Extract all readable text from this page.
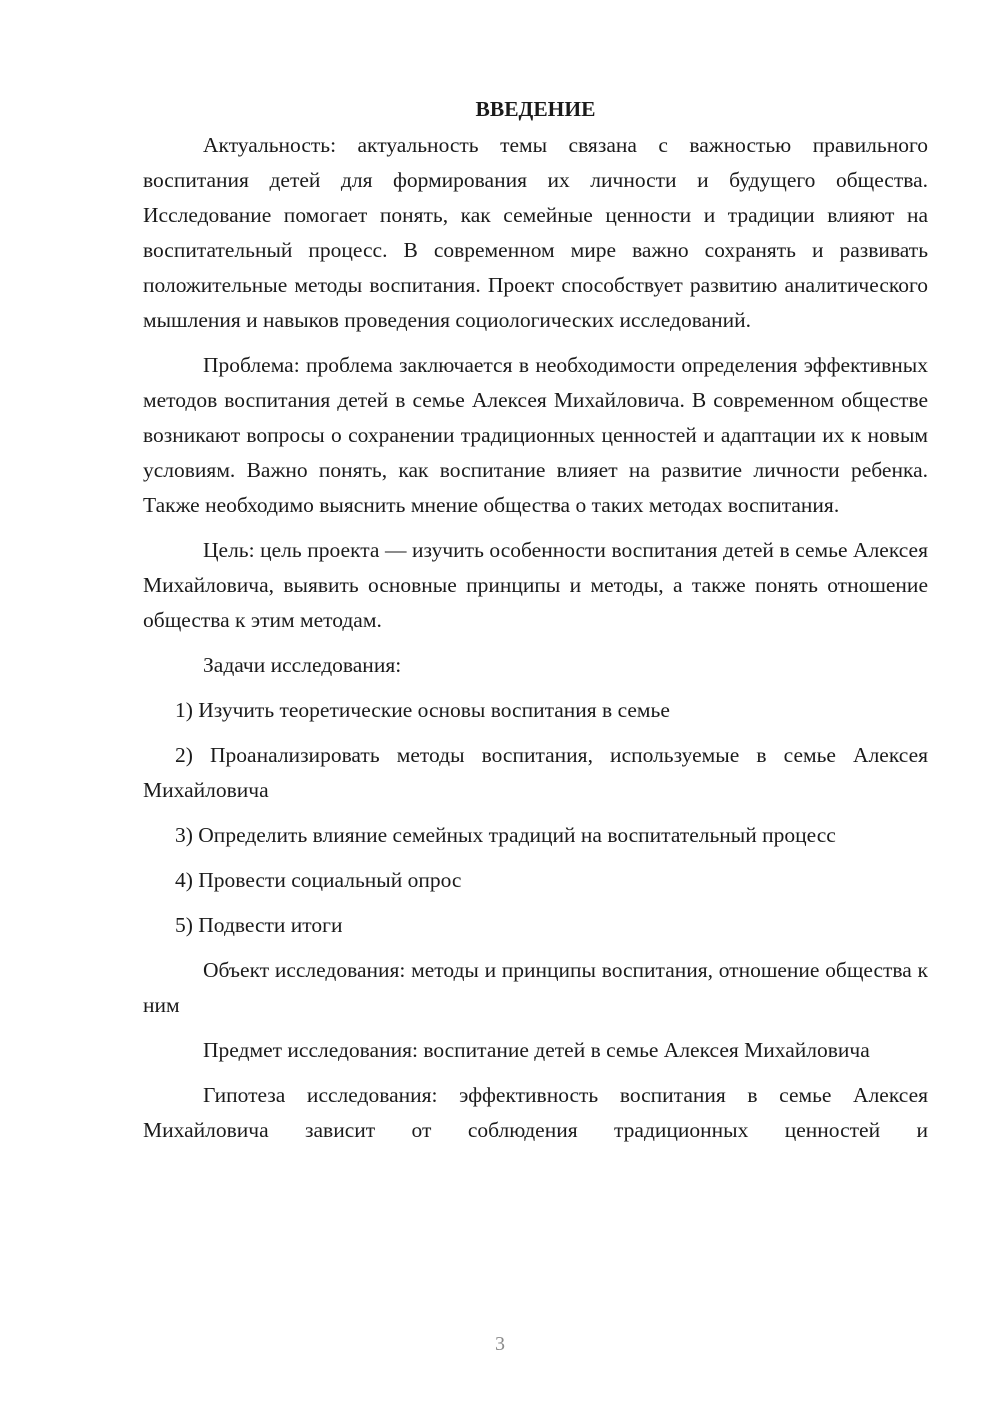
ВВЕДЕНИЕ

Актуальность: актуальность темы связана с важностью правильного воспитания детей для формирования их личности и будущего общества. Исследование помогает понять, как семейные ценности и традиции влияют на воспитательный процесс. В современном мире важно сохранять и развивать положительные методы воспитания. Проект способствует развитию аналитического мышления и навыков проведения социологических исследований.

Проблема: проблема заключается в необходимости определения эффективных методов воспитания детей в семье Алексея Михайловича. В современном обществе возникают вопросы о сохранении традиционных ценностей и адаптации их к новым условиям. Важно понять, как воспитание влияет на развитие личности ребенка. Также необходимо выяснить мнение общества о таких методах воспитания.

Цель: цель проекта — изучить особенности воспитания детей в семье Алексея Михайловича, выявить основные принципы и методы, а также понять отношение общества к этим методам.

Задачи исследования:

1) Изучить теоретические основы воспитания в семье

2) Проанализировать методы воспитания, используемые в семье Алексея Михайловича

3) Определить влияние семейных традиций на воспитательный процесс

4) Провести социальный опрос

5) Подвести итоги

Объект исследования: методы и принципы воспитания, отношение общества к ним

Предмет исследования: воспитание детей в семье Алексея Михайловича

Гипотеза исследования: эффективность воспитания в семье Алексея Михайловича зависит от соблюдения традиционных ценностей и

3
